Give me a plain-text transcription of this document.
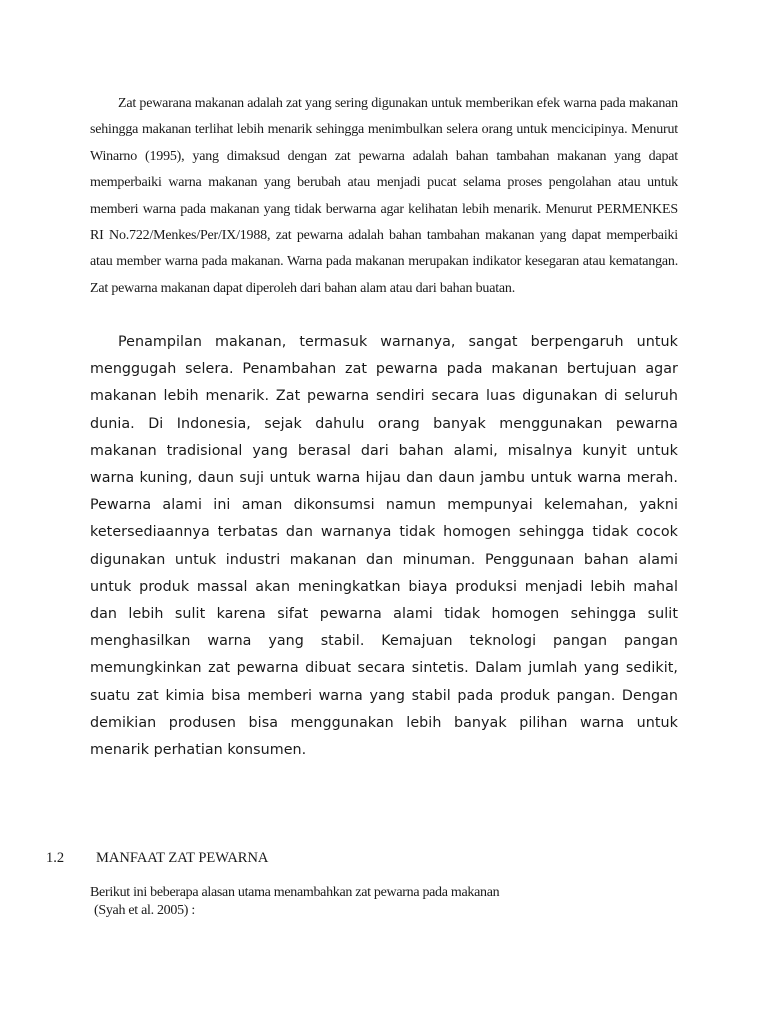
Zat pewarana makanan adalah zat yang sering digunakan untuk memberikan efek warna pada makanan sehingga makanan terlihat lebih menarik sehingga menimbulkan selera orang untuk mencicipinya. Menurut Winarno (1995), yang dimaksud dengan zat pewarna adalah bahan tambahan makanan yang dapat memperbaiki warna makanan yang berubah atau menjadi pucat selama proses pengolahan atau untuk memberi warna pada makanan yang tidak berwarna agar kelihatan lebih menarik. Menurut PERMENKES RI No.722/Menkes/Per/IX/1988, zat pewarna adalah bahan tambahan makanan yang dapat memperbaiki atau member warna pada makanan. Warna pada makanan merupakan indikator kesegaran atau kematangan. Zat pewarna makanan dapat diperoleh dari bahan alam atau dari bahan buatan.

Penampilan makanan, termasuk warnanya, sangat berpengaruh untuk menggugah selera. Penambahan zat pewarna pada makanan bertujuan agar makanan lebih menarik. Zat pewarna sendiri secara luas digunakan di seluruh dunia. Di Indonesia, sejak dahulu orang banyak menggunakan pewarna makanan tradisional yang berasal dari bahan alami, misalnya kunyit untuk warna kuning, daun suji untuk warna hijau dan daun jambu untuk warna merah. Pewarna alami ini aman dikonsumsi namun mempunyai kelemahan, yakni ketersediaannya terbatas dan warnanya tidak homogen sehingga tidak cocok digunakan untuk industri makanan dan minuman. Penggunaan bahan alami untuk produk massal akan meningkatkan biaya produksi menjadi lebih mahal dan lebih sulit karena sifat pewarna alami tidak homogen sehingga sulit menghasilkan warna yang stabil. Kemajuan teknologi pangan pangan memungkinkan zat pewarna dibuat secara sintetis. Dalam jumlah yang sedikit, suatu zat kimia bisa memberi warna yang stabil pada produk pangan. Dengan demikian produsen bisa menggunakan lebih banyak pilihan warna untuk menarik perhatian konsumen.

1.2 MANFAAT ZAT PEWARNA
Berikut ini beberapa alasan utama menambahkan zat pewarna pada makanan
(Syah et al. 2005) :
